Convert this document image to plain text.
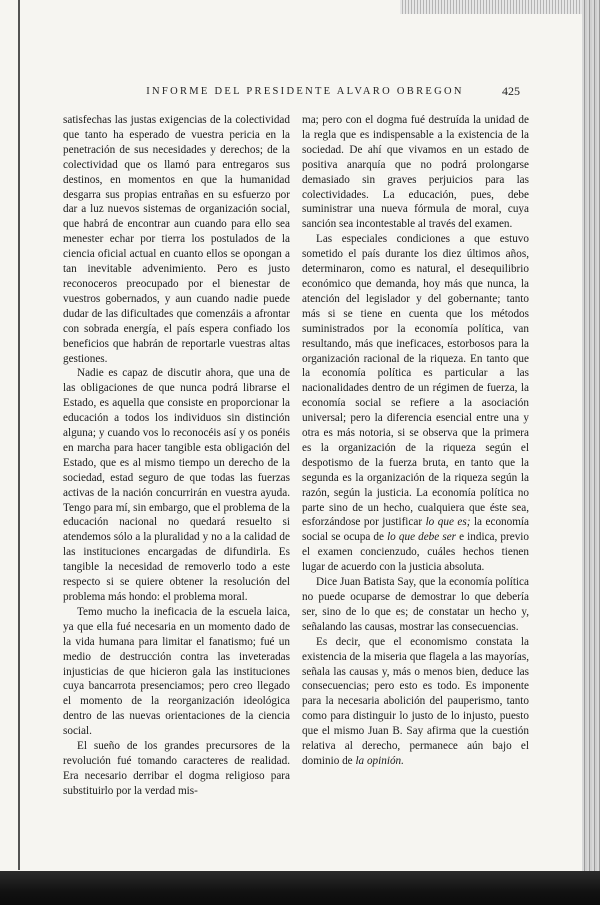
INFORME DEL PRESIDENTE ALVARO OBREGON	425

satisfechas las justas exigencias de la colectividad que tanto ha esperado de vuestra pericia en la penetración de sus necesidades y derechos; de la colectividad que os llamó para entregaros sus destinos, en momentos en que la humanidad desgarra sus propias entrañas en su esfuerzo por dar a luz nuevos sistemas de organización social, que habrá de encontrar aun cuando para ello sea menester echar por tierra los postulados de la ciencia oficial actual en cuanto ellos se opongan a tan inevitable advenimiento. Pero es justo reconoceros preocupado por el bienestar de vuestros gobernados, y aun cuando nadie puede dudar de las dificultades que comenzáis a afrontar con sobrada energía, el país espera confiado los beneficios que habrán de reportarle vuestras altas gestiones.

Nadie es capaz de discutir ahora, que una de las obligaciones de que nunca podrá librarse el Estado, es aquella que consiste en proporcionar la educación a todos los individuos sin distinción alguna; y cuando vos lo reconocéis así y os ponéis en marcha para hacer tangible esta obligación del Estado, que es al mismo tiempo un derecho de la sociedad, estad seguro de que todas las fuerzas activas de la nación concurrirán en vuestra ayuda. Tengo para mí, sin embargo, que el problema de la educación nacional no quedará resuelto si atendemos sólo a la pluralidad y no a la calidad de las instituciones encargadas de difundirla. Es tangible la necesidad de removerlo todo a este respecto si se quiere obtener la resolución del problema más hondo: el problema moral.

Temo mucho la ineficacia de la escuela laica, ya que ella fué necesaria en un momento dado de la vida humana para limitar el fanatismo; fué un medio de destrucción contra las inveteradas injusticias de que hicieron gala las instituciones cuya bancarrota presenciamos; pero creo llegado el momento de la reorganización ideológica dentro de las nuevas orientaciones de la ciencia social.

El sueño de los grandes precursores de la revolución fué tomando caracteres de realidad. Era necesario derribar el dogma religioso para substituirlo por la verdad mis-

ma; pero con el dogma fué destruída la unidad de la regla que es indispensable a la existencia de la sociedad. De ahí que vivamos en un estado de positiva anarquía que no podrá prolongarse demasiado sin graves perjuicios para las colectividades. La educación, pues, debe suministrar una nueva fórmula de moral, cuya sanción sea incontestable al través del examen.

Las especiales condiciones a que estuvo sometido el país durante los diez últimos años, determinaron, como es natural, el desequilibrio económico que demanda, hoy más que nunca, la atención del legislador y del gobernante; tanto más si se tiene en cuenta que los métodos suministrados por la economía política, van resultando, más que ineficaces, estorbosos para la organización racional de la riqueza. En tanto que la economía política es particular a las nacionalidades dentro de un régimen de fuerza, la economía social se refiere a la asociación universal; pero la diferencia esencial entre una y otra es más notoria, si se observa que la primera es la organización de la riqueza según el despotismo de la fuerza bruta, en tanto que la segunda es la organización de la riqueza según la razón, según la justicia. La economía política no parte sino de un hecho, cualquiera que éste sea, esforzándose por justificar lo que es; la economía social se ocupa de lo que debe ser e indica, previo el examen concienzudo, cuáles hechos tienen lugar de acuerdo con la justicia absoluta.

Dice Juan Batista Say, que la economía política no puede ocuparse de demostrar lo que debería ser, sino de lo que es; de constatar un hecho y, señalando las causas, mostrar las consecuencias.

Es decir, que el economismo constata la existencia de la miseria que flagela a las mayorías, señala las causas y, más o menos bien, deduce las consecuencias; pero esto es todo. Es imponente para la necesaria abolición del pauperismo, tanto como para distinguir lo justo de lo injusto, puesto que el mismo Juan B. Say afirma que la cuestión relativa al derecho, permanece aún bajo el dominio de la opinión.
